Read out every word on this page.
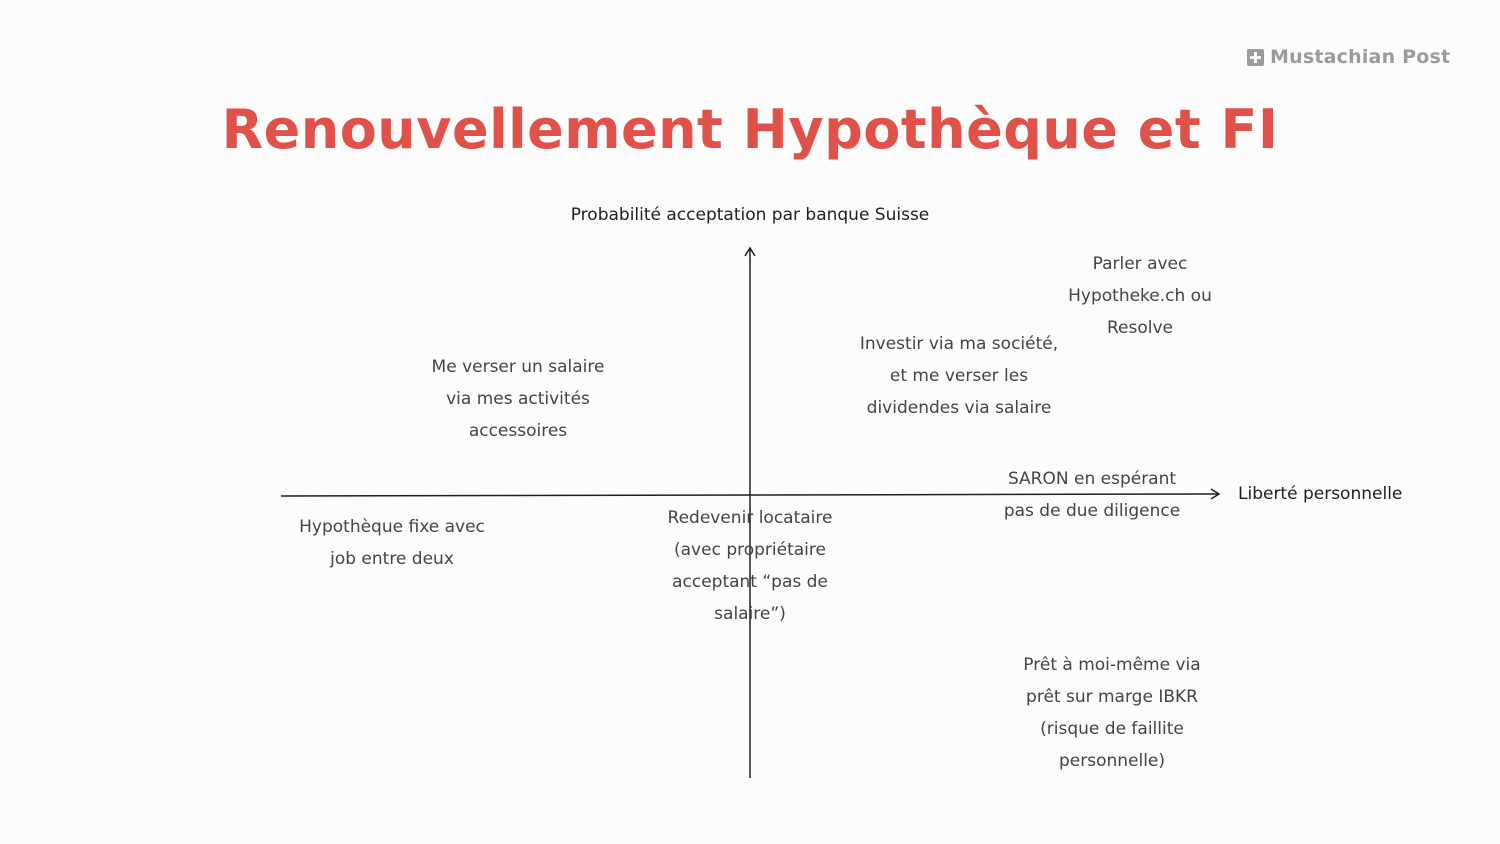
Mustachian Post
Renouvellement Hypothèque et FI
Probabilité acceptation par banque Suisse
Liberté personnelle
Parler avec
Hypotheke.ch ou
Resolve
Investir via ma société,
et me verser les
dividendes via salaire
Me verser un salaire
via mes activités
accessoires
SARON en espérant
pas de due diligence
Hypothèque fixe avec
job entre deux
Redevenir locataire
(avec propriétaire
acceptant “pas de
salaire”)
Prêt à moi-même via
prêt sur marge IBKR
(risque de faillite
personnelle)
